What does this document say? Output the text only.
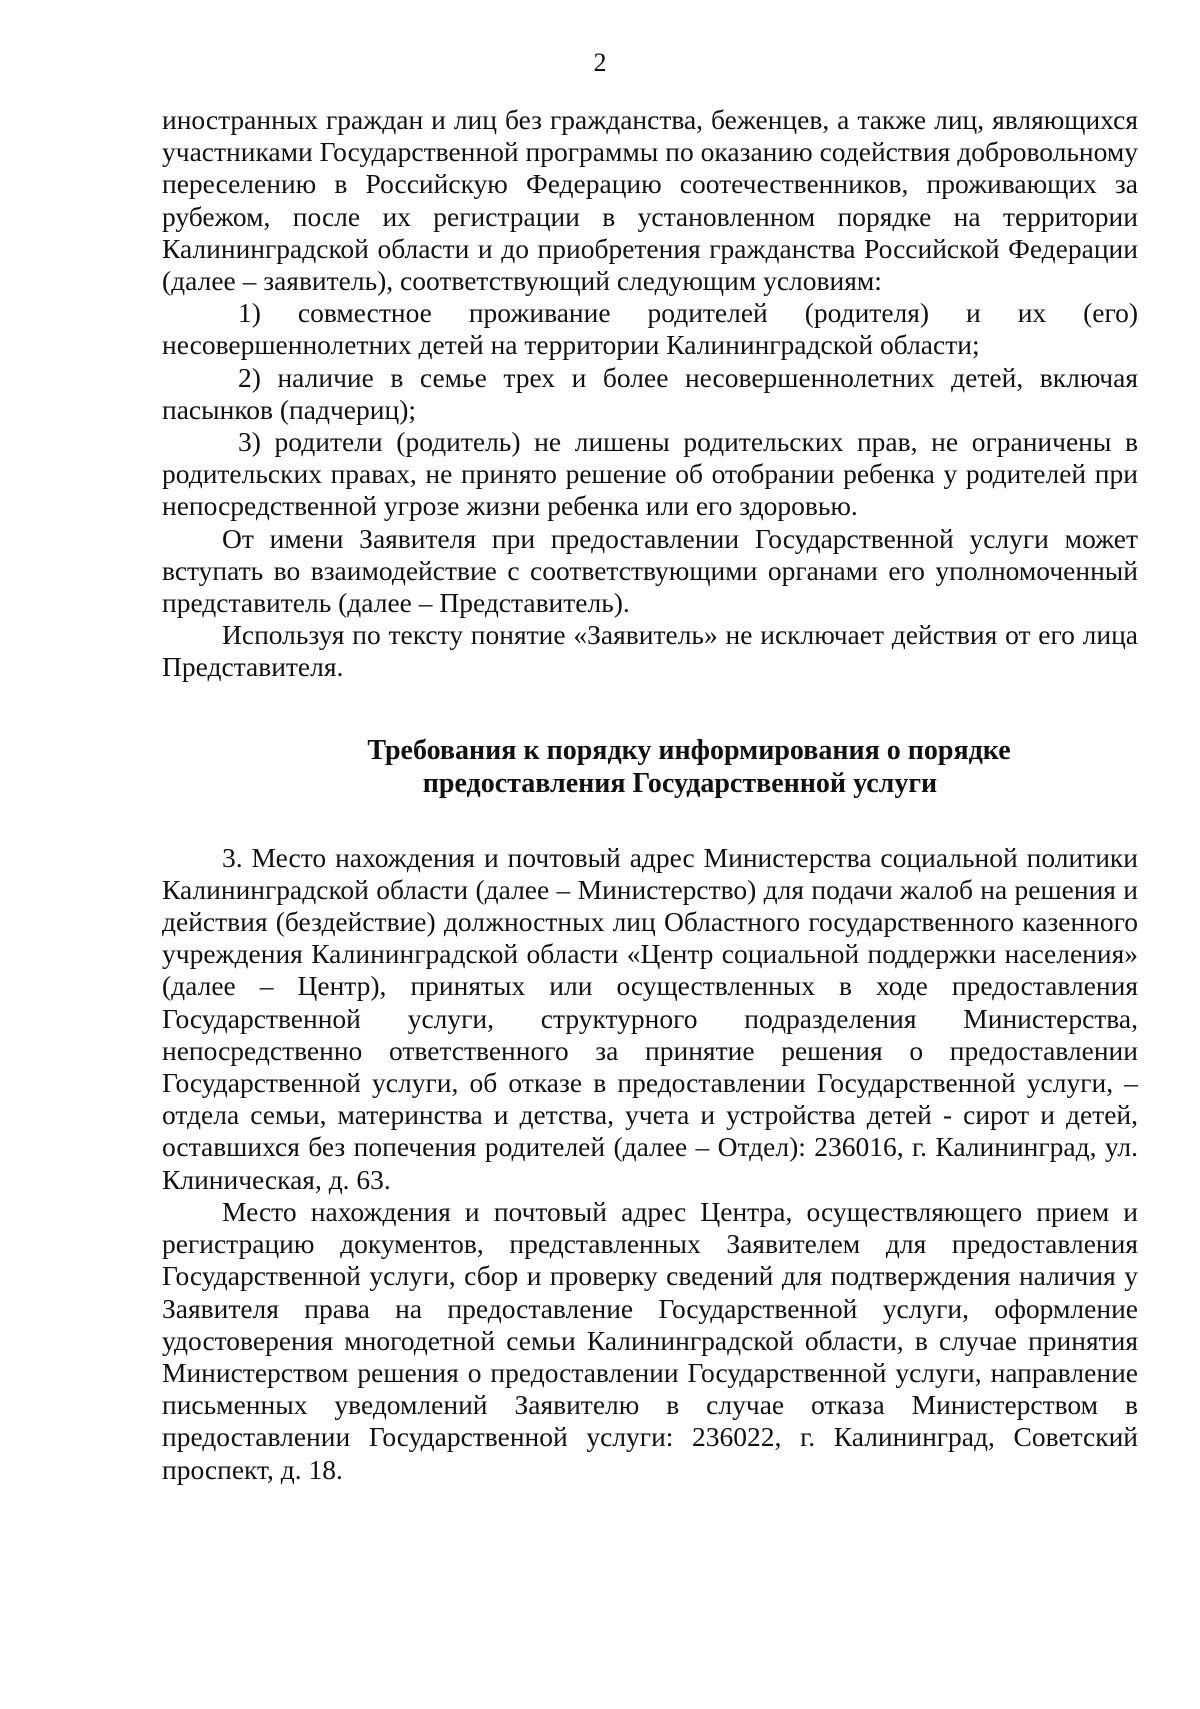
2

иностранных граждан и лиц без гражданства, беженцев, а также лиц, являющихся участниками Государственной программы по оказанию содействия добровольному переселению в Российскую Федерацию соотечественников, проживающих за рубежом, после их регистрации в установленном порядке на территории Калининградской области и до приобретения гражданства Российской Федерации (далее – заявитель), соответствующий следующим условиям:

1) совместное проживание родителей (родителя) и их (его) несовершеннолетних детей на территории Калининградской области;

2) наличие в семье трех и более несовершеннолетних детей, включая пасынков (падчериц);

3) родители (родитель) не лишены родительских прав, не ограничены в родительских правах, не принято решение об отобрании ребенка у родителей при непосредственной угрозе жизни ребенка или его здоровью.

От имени Заявителя при предоставлении Государственной услуги может вступать во взаимодействие с соответствующими органами его уполномоченный представитель (далее – Представитель).

Используя по тексту понятие «Заявитель» не исключает действия от его лица Представителя.

Требования к порядку информирования о порядке
предоставления Государственной услуги

3. Место нахождения и почтовый адрес Министерства социальной политики Калининградской области (далее – Министерство) для подачи жалоб на решения и действия (бездействие) должностных лиц Областного государственного казенного учреждения Калининградской области «Центр социальной поддержки населения» (далее – Центр), принятых или осуществленных в ходе предоставления Государственной услуги, структурного подразделения Министерства, непосредственно ответственного за принятие решения о предоставлении Государственной услуги, об отказе в предоставлении Государственной услуги, – отдела семьи, материнства и детства, учета и устройства детей - сирот и детей, оставшихся без попечения родителей (далее – Отдел): 236016, г. Калининград, ул. Клиническая, д. 63.

Место нахождения и почтовый адрес Центра, осуществляющего прием и регистрацию документов, представленных Заявителем для предоставления Государственной услуги, сбор и проверку сведений для подтверждения наличия у Заявителя права на предоставление Государственной услуги, оформление удостоверения многодетной семьи Калининградской области, в случае принятия Министерством решения о предоставлении Государственной услуги, направление письменных уведомлений Заявителю в случае отказа Министерством в предоставлении Государственной услуги: 236022, г. Калининград, Советский проспект, д. 18.
